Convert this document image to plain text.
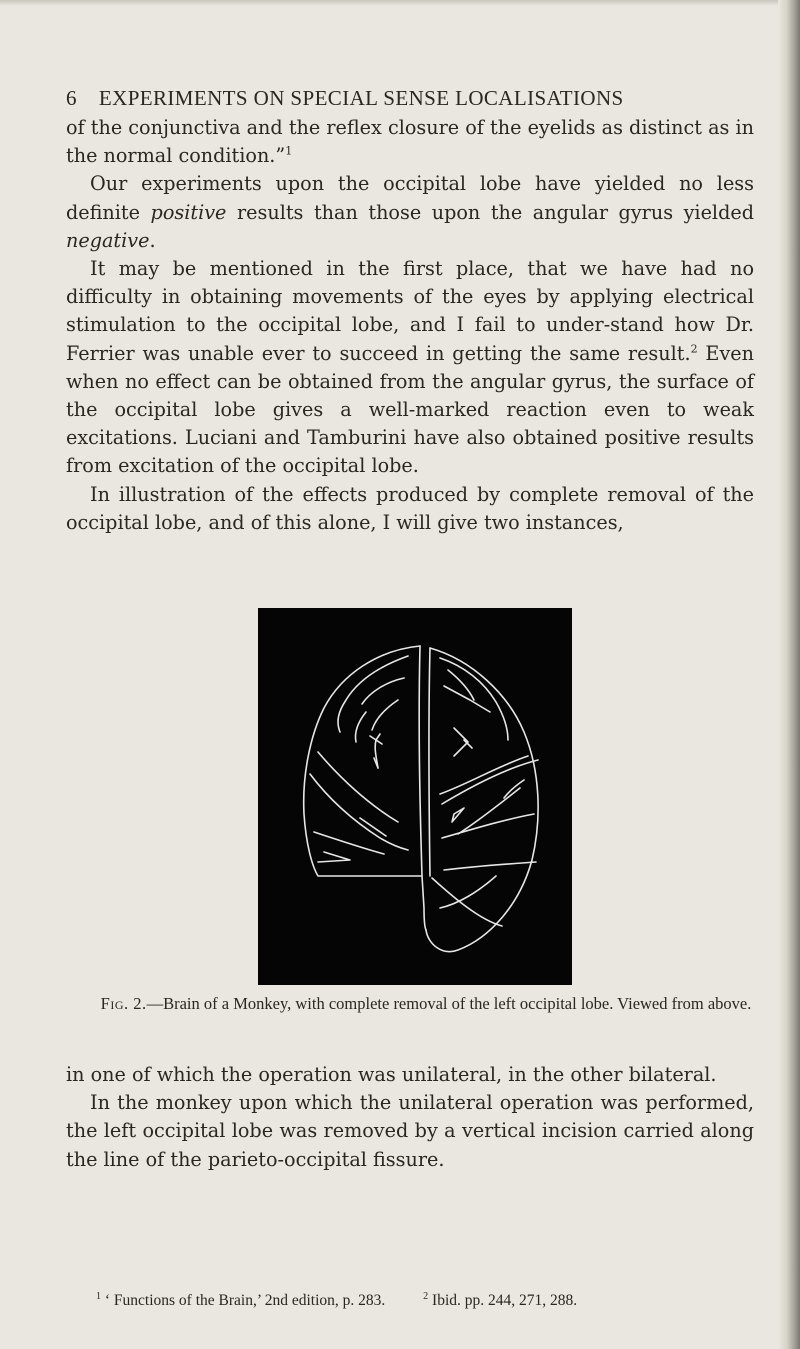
6 EXPERIMENTS ON SPECIAL SENSE LOCALISATIONS

of the conjunctiva and the reflex closure of the eyelids as distinct as in the normal condition.”$^1$

Our experiments upon the occipital lobe have yielded no less definite positive results than those upon the angular gyrus yielded negative.

It may be mentioned in the first place, that we have had no difficulty in obtaining movements of the eyes by applying electrical stimulation to the occipital lobe, and I fail to under-stand how Dr. Ferrier was unable ever to succeed in getting the same result.$^2$ Even when no effect can be obtained from the angular gyrus, the surface of the occipital lobe gives a well-marked reaction even to weak excitations. Luciani and Tamburini have also obtained positive results from excitation of the occipital lobe.

In illustration of the effects produced by complete removal of the occipital lobe, and of this alone, I will give two instances,

Fig. 2.—Brain of a Monkey, with complete removal of the left occipital lobe. Viewed from above.

in one of which the operation was unilateral, in the other bilateral.

In the monkey upon which the unilateral operation was performed, the left occipital lobe was removed by a vertical incision carried along the line of the parieto-occipital fissure.

$^1$ ‘ Functions of the Brain,’ 2nd edition, p. 283.	$^2$ Ibid. pp. 244, 271, 288.
